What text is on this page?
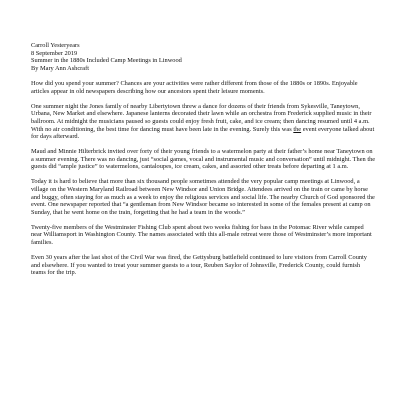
Carroll Yesteryears
8 September 2019
Summer in the 1880s Included Camp Meetings in Linwood
By Mary Ann Ashcraft

How did you spend your summer? Chances are your activities were rather different from those of the 1880s or 1890s. Enjoyable articles appear in old newspapers describing how our ancestors spent their leisure moments.

One summer night the Jones family of nearby Libertytown threw a dance for dozens of their friends from Sykesville, Taneytown, Urbana, New Market and elsewhere. Japanese lanterns decorated their lawn while an orchestra from Frederick supplied music in their ballroom. At midnight the musicians paused so guests could enjoy fresh fruit, cake, and ice cream; then dancing resumed until 4 a.m. With no air conditioning, the best time for dancing must have been late in the evening. Surely this was the event everyone talked about for days afterward.

Maud and Minnie Hilterbrick invited over forty of their young friends to a watermelon party at their father’s home near Taneytown on a summer evening. There was no dancing, just “social games, vocal and instrumental music and conversation” until midnight. Then the guests did “ample justice” to watermelons, cantaloupes, ice cream, cakes, and assorted other treats before departing at 1 a.m.

Today it is hard to believe that more than six thousand people sometimes attended the very popular camp meetings at Linwood, a village on the Western Maryland Railroad between New Windsor and Union Bridge. Attendees arrived on the train or came by horse and buggy, often staying for as much as a week to enjoy the religious services and social life. The nearby Church of God sponsored the event. One newspaper reported that “a gentleman from New Windsor became so interested in some of the females present at camp on Sunday, that he went home on the train, forgetting that he had a team in the woods.”

Twenty-five members of the Westminster Fishing Club spent about two weeks fishing for bass in the Potomac River while camped near Williamsport in Washington County. The names associated with this all-male retreat were those of Westminster’s more important families.

Even 30 years after the last shot of the Civil War was fired, the Gettysburg battlefield continued to lure visitors from Carroll County and elsewhere. If you wanted to treat your summer guests to a tour, Reuben Saylor of Johnsville, Frederick County, could furnish teams for the trip.
